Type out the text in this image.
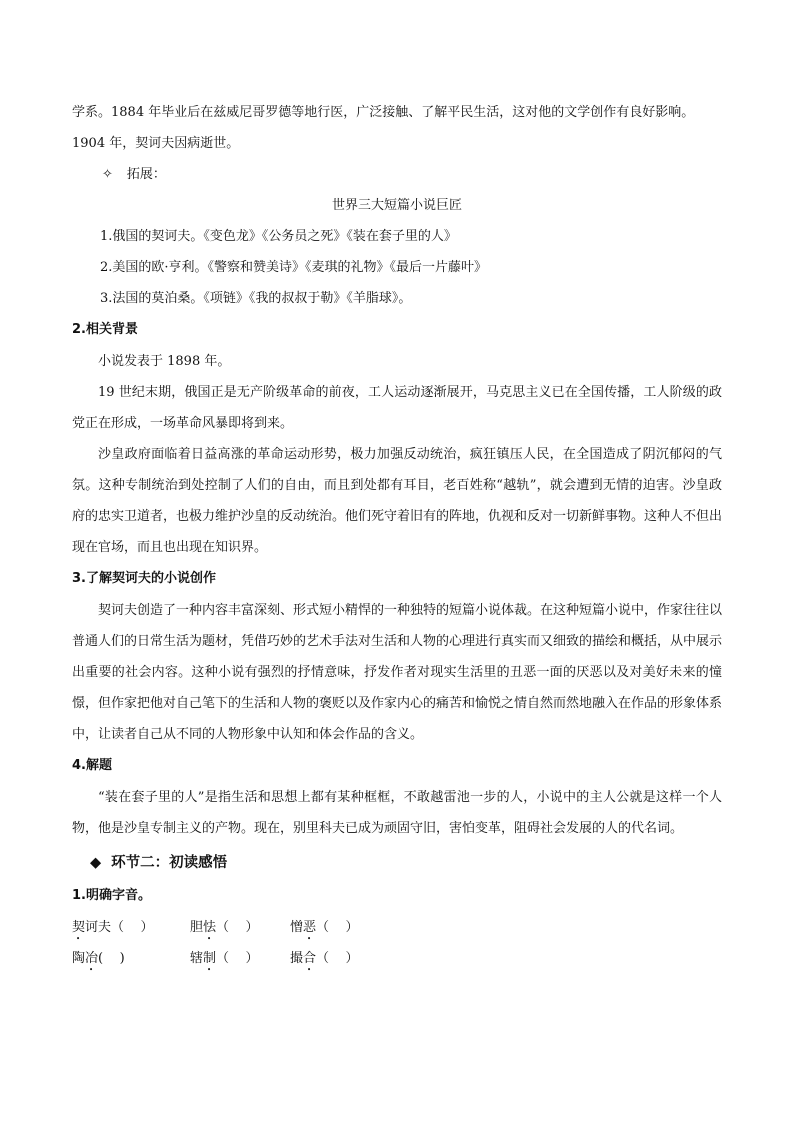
学系。1884 年毕业后在兹威尼哥罗德等地行医，广泛接触、了解平民生活，这对他的文学创作有良好影响。

1904 年，契诃夫因病逝世。

✧ 拓展：

世界三大短篇小说巨匠

1.俄国的契诃夫。《变色龙》《公务员之死》《装在套子里的人》

2.美国的欧·亨利。《警察和赞美诗》《麦琪的礼物》《最后一片藤叶》

3.法国的莫泊桑。《项链》《我的叔叔于勒》《羊脂球》。

2.相关背景

小说发表于 1898 年。

19 世纪末期，俄国正是无产阶级革命的前夜，工人运动逐渐展开，马克思主义已在全国传播，工人阶级的政党正在形成，一场革命风暴即将到来。

沙皇政府面临着日益高涨的革命运动形势，极力加强反动统治，疯狂镇压人民，在全国造成了阴沉郁闷的气氛。这种专制统治到处控制了人们的自由，而且到处都有耳目，老百姓称“越轨”，就会遭到无情的迫害。沙皇政府的忠实卫道者，也极力维护沙皇的反动统治。他们死守着旧有的阵地，仇视和反对一切新鲜事物。这种人不但出现在官场，而且也出现在知识界。

3.了解契诃夫的小说创作

契诃夫创造了一种内容丰富深刻、形式短小精悍的一种独特的短篇小说体裁。在这种短篇小说中，作家往往以普通人们的日常生活为题材，凭借巧妙的艺术手法对生活和人物的心理进行真实而又细致的描绘和概括，从中展示出重要的社会内容。这种小说有强烈的抒情意味，抒发作者对现实生活里的丑恶一面的厌恶以及对美好未来的憧憬，但作家把他对自己笔下的生活和人物的褒贬以及作家内心的痛苦和愉悦之情自然而然地融入在作品的形象体系中，让读者自己从不同的人物形象中认知和体会作品的含义。

4.解题

“装在套子里的人”是指生活和思想上都有某种框框，不敢越雷池一步的人，小说中的主人公就是这样一个人物，他是沙皇专制主义的产物。现在，别里科夫已成为顽固守旧，害怕变革，阻碍社会发展的人的代名词。

◆ 环节二：初读感悟
1.明确字音。
契诃夫（    ）	胆怯（    ） 憎恶（    ）
陶冶(    )	辖制（    ） 撮合（    ）
